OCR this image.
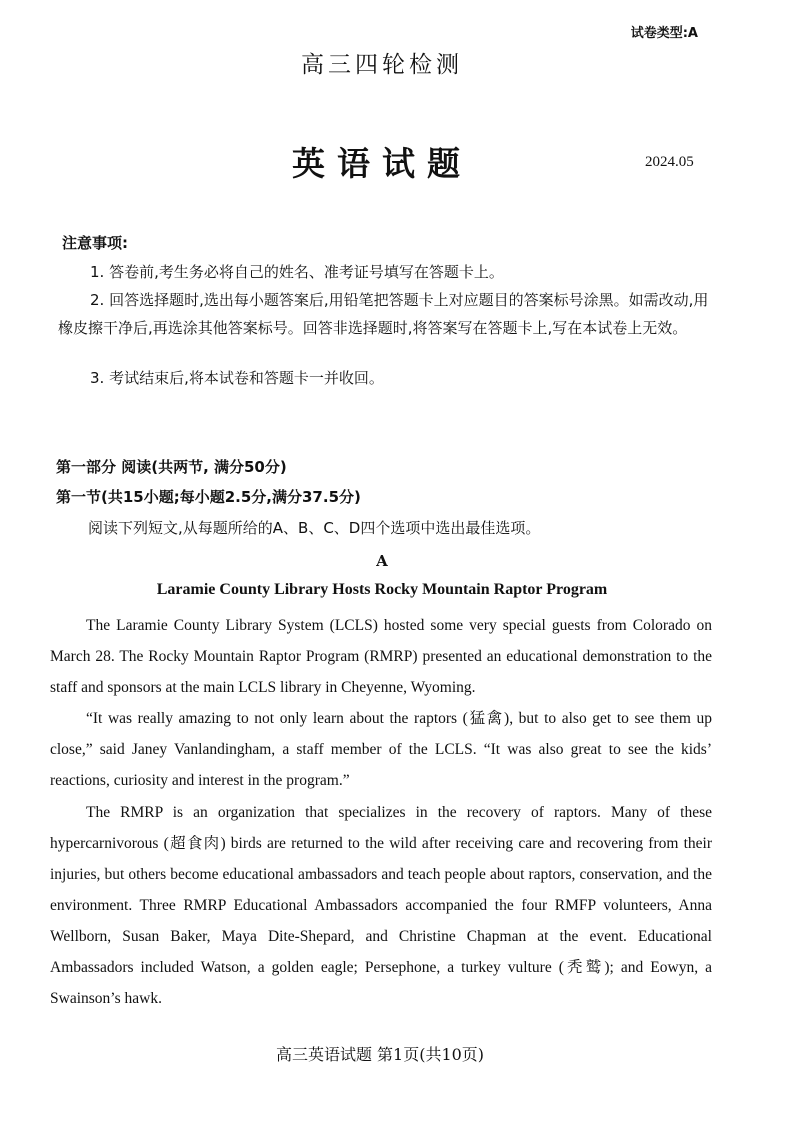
试卷类型:A
高三四轮检测
英语试题	2024.05
注意事项:
1. 答卷前,考生务必将自己的姓名、准考证号填写在答题卡上。
2. 回答选择题时,选出每小题答案后,用铅笔把答题卡上对应题目的答案标号涂黑。如需改动,用橡皮擦干净后,再选涂其他答案标号。回答非选择题时,将答案写在答题卡上,写在本试卷上无效。
3. 考试结束后,将本试卷和答题卡一并收回。
第一部分 阅读(共两节, 满分50分)
第一节(共15小题;每小题2.5分,满分37.5分)
阅读下列短文,从每题所给的A、B、C、D四个选项中选出最佳选项。
A
Laramie County Library Hosts Rocky Mountain Raptor Program
The Laramie County Library System (LCLS) hosted some very special guests from Colorado on March 28. The Rocky Mountain Raptor Program (RMRP) presented an educational demonstration to the staff and sponsors at the main LCLS library in Cheyenne, Wyoming.
“It was really amazing to not only learn about the raptors (猛禽), but to also get to see them up close,” said Janey Vanlandingham, a staff member of the LCLS. “It was also great to see the kids’ reactions, curiosity and interest in the program.”
The RMRP is an organization that specializes in the recovery of raptors. Many of these hypercarnivorous (超食肉) birds are returned to the wild after receiving care and recovering from their injuries, but others become educational ambassadors and teach people about raptors, conservation, and the environment. Three RMRP Educational Ambassadors accompanied the four RMFP volunteers, Anna Wellborn, Susan Baker, Maya Dite-Shepard, and Christine Chapman at the event. Educational Ambassadors included Watson, a golden eagle; Persephone, a turkey vulture (秃鹫); and Eowyn, a Swainson’s hawk.
高三英语试题 第1页(共10页)
